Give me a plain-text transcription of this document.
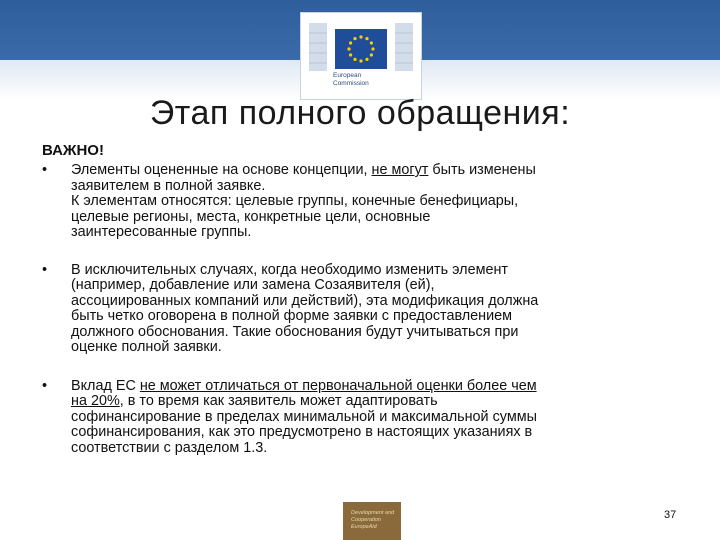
European
Commission
Этап полного обращения:
ВАЖНО!
• Элементы оцененные на основе концепции, не могут быть изменены
заявителем в полной заявке.
К элементам относятся: целевые группы, конечные бенефициары,
целевые регионы, места, конкретные цели, основные
заинтересованные группы.
• В исключительных случаях, когда необходимо изменить элемент
(например, добавление или замена Созаявителя (ей),
ассоциированных компаний или действий), эта модификация должна
быть четко оговорена в полной форме заявки с предоставлением
должного обоснования. Такие обоснования будут учитываться при
оценке полной заявки.
• Вклад ЕС не может отличаться от первоначальной оценки более чем
на 20%, в то время как заявитель может адаптировать
софинансирование в пределах минимальной и максимальной суммы
софинансирования, как это предусмотрено в настоящих указаниях в
соответствии с разделом 1.3.
Development and
Cooperation
EuropeAid
37
